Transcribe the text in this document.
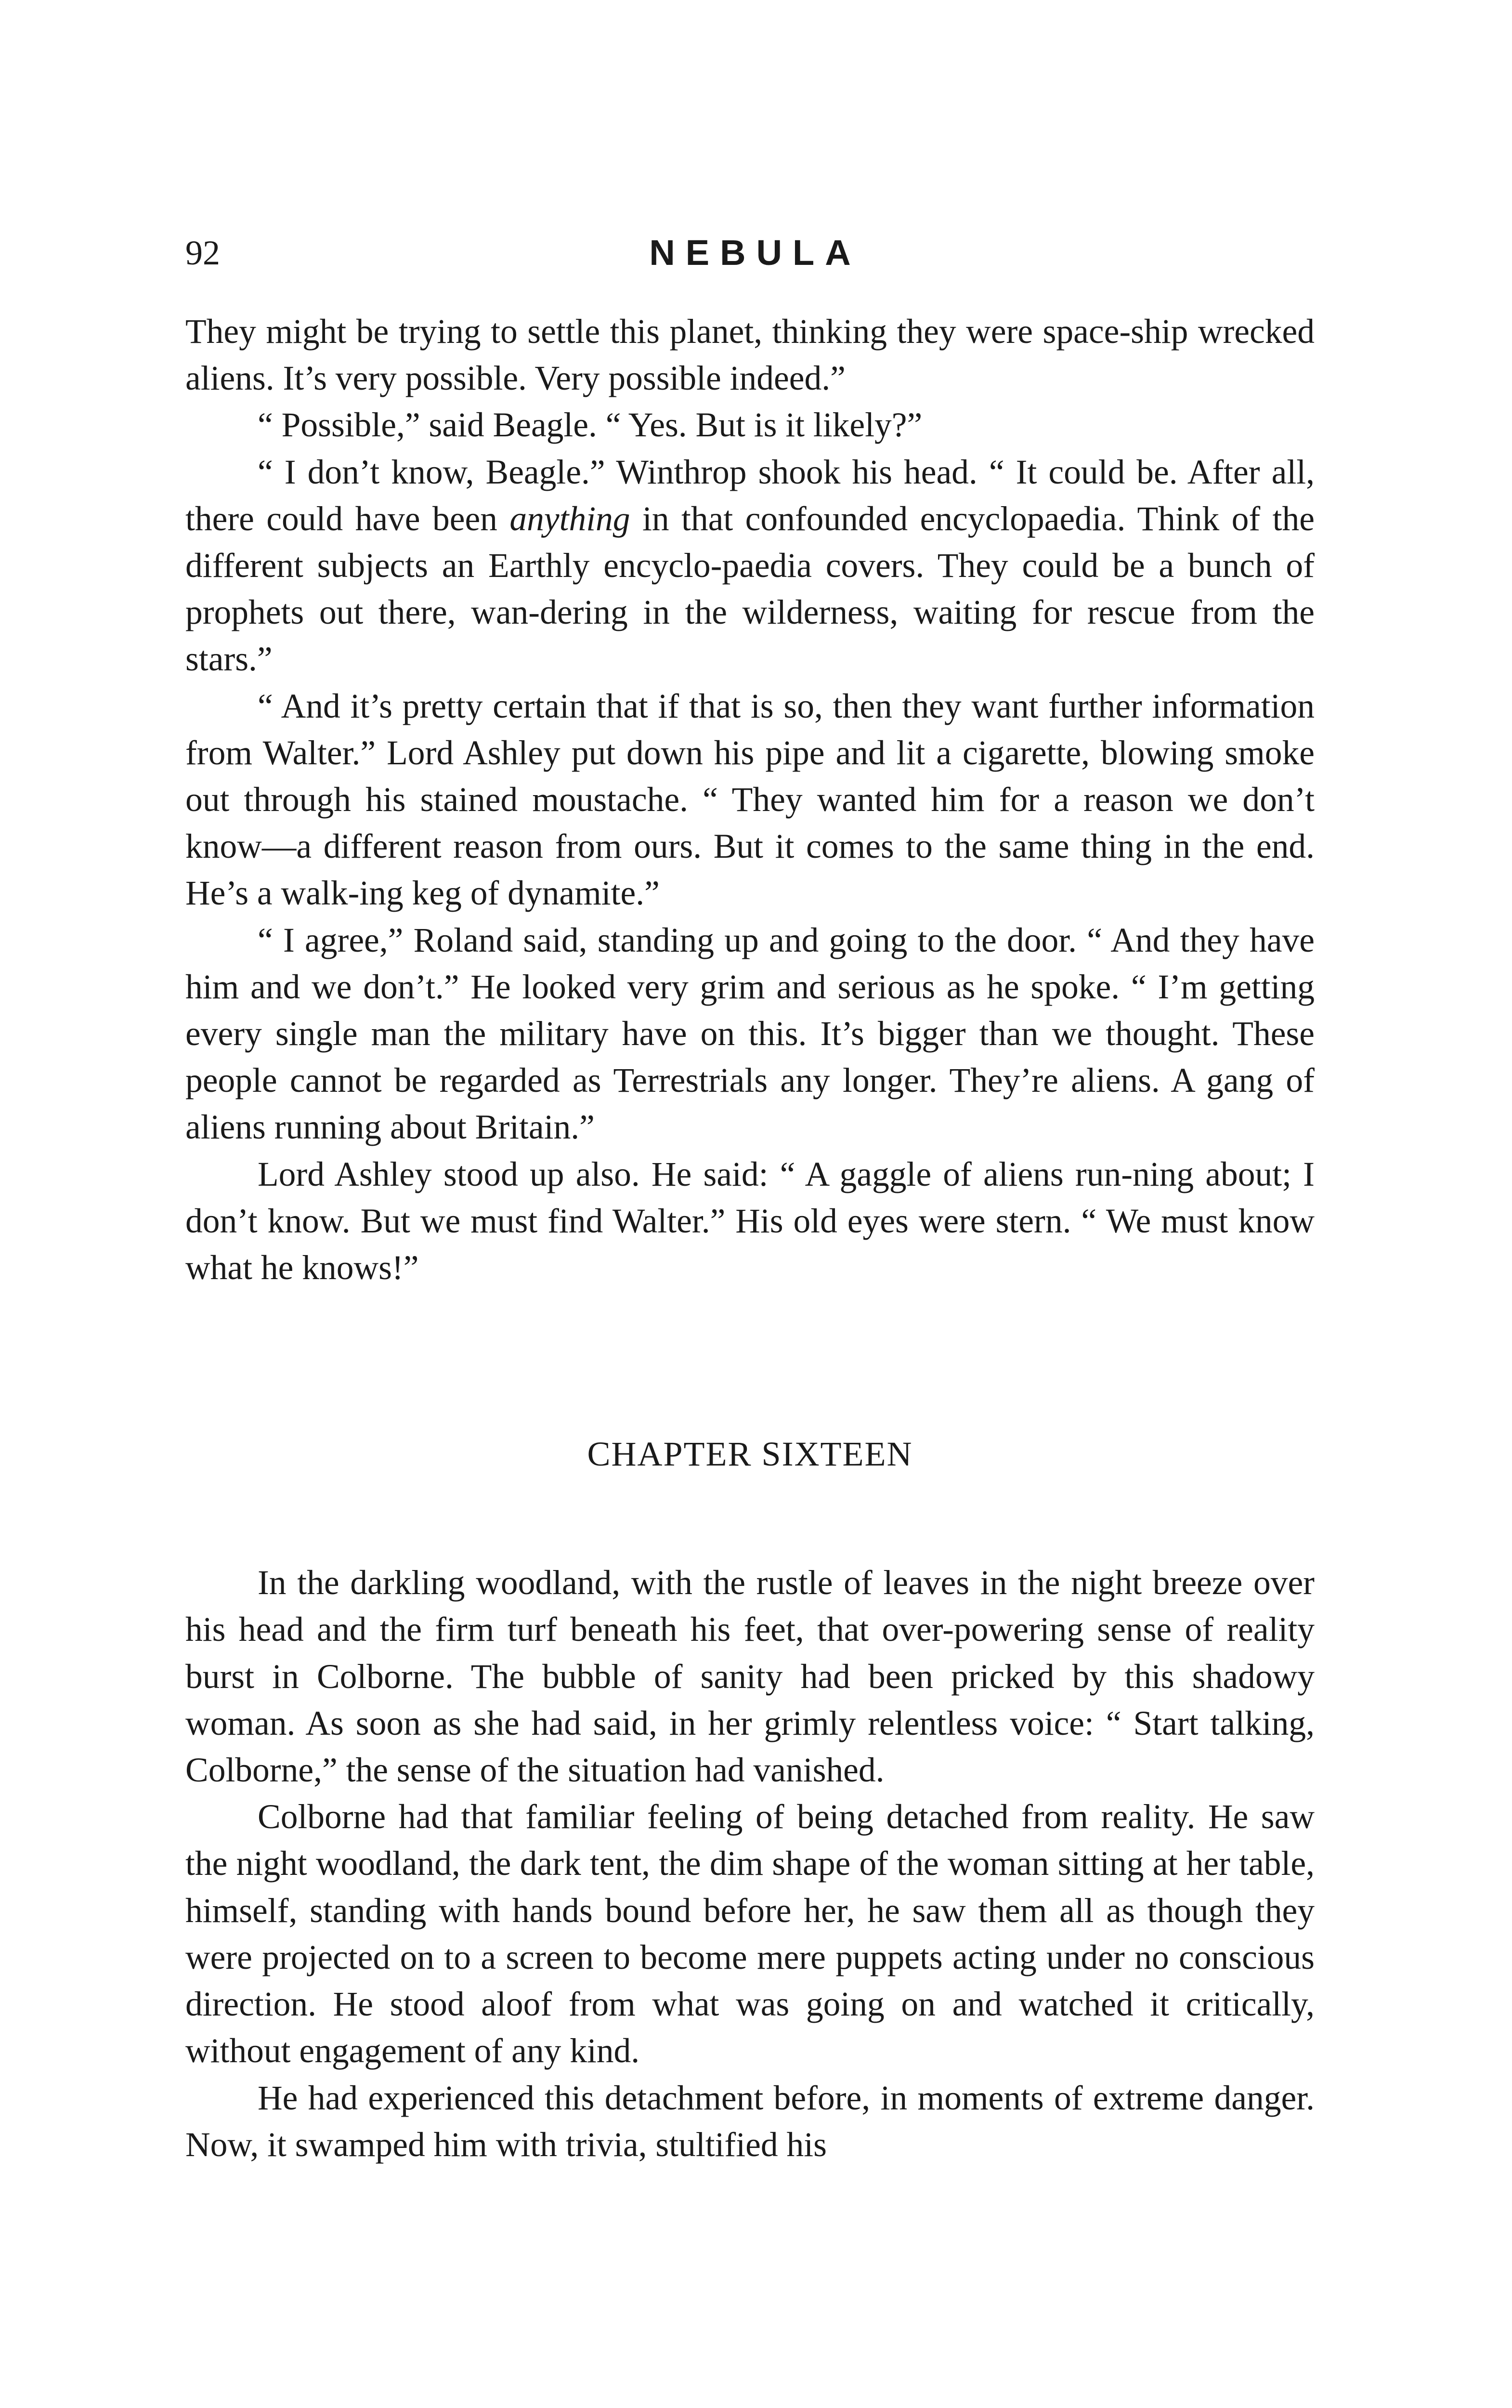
92	NEBULA

They might be trying to settle this planet, thinking they were space-ship wrecked aliens. It’s very possible. Very possible indeed.”

“ Possible,” said Beagle. “ Yes. But is it likely?”

“ I don’t know, Beagle.” Winthrop shook his head. “ It could be. After all, there could have been anything in that confounded encyclopaedia. Think of the different subjects an Earthly encyclo-paedia covers. They could be a bunch of prophets out there, wan-dering in the wilderness, waiting for rescue from the stars.”

“ And it’s pretty certain that if that is so, then they want further information from Walter.” Lord Ashley put down his pipe and lit a cigarette, blowing smoke out through his stained moustache. “ They wanted him for a reason we don’t know—a different reason from ours. But it comes to the same thing in the end. He’s a walk-ing keg of dynamite.”

“ I agree,” Roland said, standing up and going to the door. “ And they have him and we don’t.” He looked very grim and serious as he spoke. “ I’m getting every single man the military have on this. It’s bigger than we thought. These people cannot be regarded as Terrestrials any longer. They’re aliens. A gang of aliens running about Britain.”

Lord Ashley stood up also. He said: “ A gaggle of aliens run-ning about; I don’t know. But we must find Walter.” His old eyes were stern. “ We must know what he knows!”

CHAPTER SIXTEEN

In the darkling woodland, with the rustle of leaves in the night breeze over his head and the firm turf beneath his feet, that over-powering sense of reality burst in Colborne. The bubble of sanity had been pricked by this shadowy woman. As soon as she had said, in her grimly relentless voice: “ Start talking, Colborne,” the sense of the situation had vanished.

Colborne had that familiar feeling of being detached from reality. He saw the night woodland, the dark tent, the dim shape of the woman sitting at her table, himself, standing with hands bound before her, he saw them all as though they were projected on to a screen to become mere puppets acting under no conscious direction. He stood aloof from what was going on and watched it critically, without engagement of any kind.

He had experienced this detachment before, in moments of extreme danger. Now, it swamped him with trivia, stultified his
